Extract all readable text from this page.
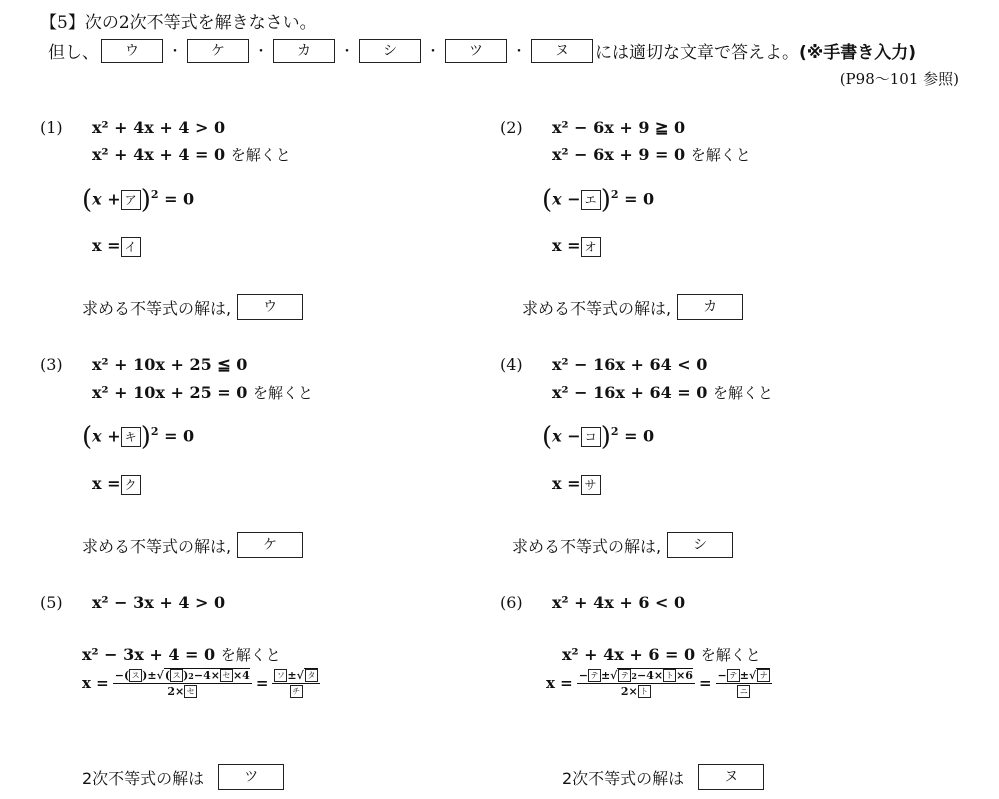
【5】次の2次不等式を解きなさい。
但し、	ウ	・	ケ	・	カ	・	シ	・	ツ	・	ヌ	には適切な文章で答えよ。 (※手書き入力)
(P98〜101 参照)
(1) x² + 4x + 4 > 0
x² + 4x + 4 = 0 を解くと
(x + ア )$^2$ = 0
x = イ
求める不等式の解は,	ウ
(2) x² − 6x + 9 ≧ 0
x² − 6x + 9 = 0 を解くと
(x − エ )$^2$ = 0
x = オ
求める不等式の解は,	カ
(3) x² + 10x + 25 ≦ 0
x² + 10x + 25 = 0 を解くと
(x + キ )$^2$ = 0
x = ク
求める不等式の解は,	ケ
(4) x² − 16x + 64 < 0
x² − 16x + 64 = 0 を解くと
(x − コ )$^2$ = 0
x = サ
求める不等式の解は,	シ
(5) x² − 3x + 4 > 0
x² − 3x + 4 = 0 を解くと
$x = \frac{\text{− ( ス ) ± √ ( ス ) 2 −4× セ × 4}}{\text{2× セ}} = \frac{\text{ソ ± √ タ}}{\text{チ}}$
2次不等式の解は	ツ
(6) x² + 4x + 6 < 0
x² + 4x + 6 = 0 を解くと
$x = \frac{\text{− テ ± √ テ 2 −4× ト × 6}}{\text{2× ト}} = \frac{\text{− テ ± √ ナ}}{\text{ニ}}$
2次不等式の解は	ヌ
